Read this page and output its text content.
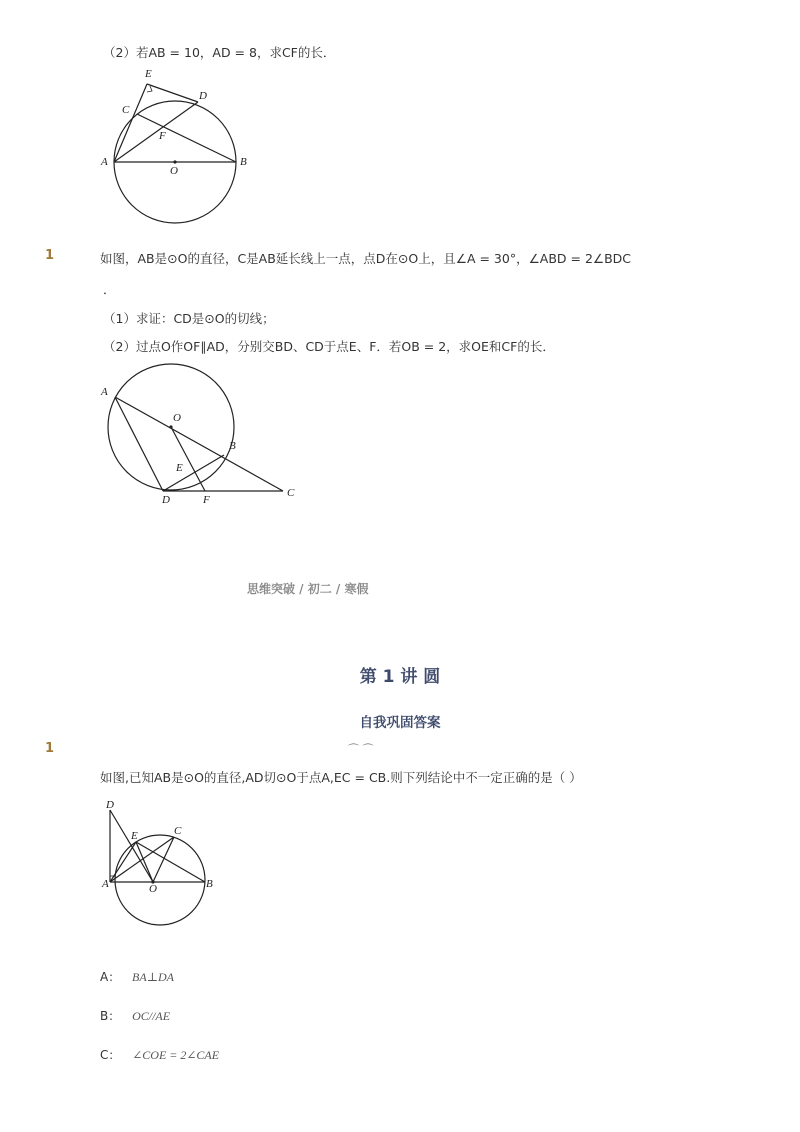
（2）若AB = 10，AD = 8，求CF的长．
E
D
C
F
A
O
B
1	如图，AB是⊙O的直径，C是AB延长线上一点，点D在⊙O上，且∠A = 30°，∠ABD = 2∠BDC
．
（1）求证：CD是⊙O的切线；
（2）过点O作OF∥AD，分别交BD、CD于点E、F．若OB = 2，求OE和CF的长．
A
O
B
E
D	F
C
思维突破 / 初二 / 寒假
第 1 讲 圆
自我巩固答案
1	⌒ ⌒
如图,已知AB是⊙O的直径,AD切⊙O于点A,EC = CB.则下列结论中不一定正确的是（ ）
D
E	C
A	O	B
A： BA⊥DA
B： OC//AE
C： ∠COE = 2∠CAE
